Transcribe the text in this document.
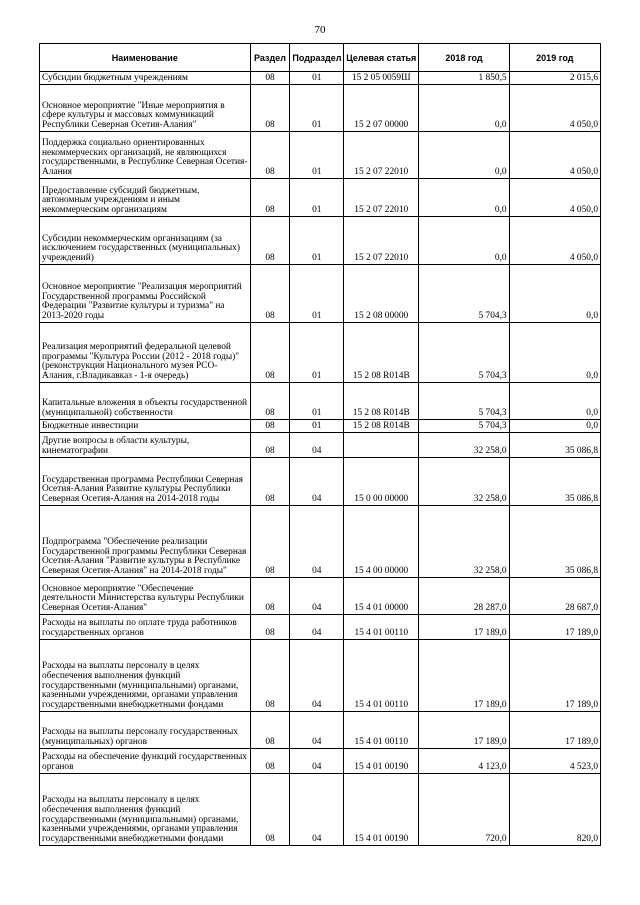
70
Наименование	Раздел	Подраздел	Целевая статья	2018 год	2019 год
Субсидии бюджетным учреждениям	08	01	15 2 05 0059Ш	1 850,5	2 015,6
Основное мероприятие "Иные мероприятия в сфере культуры и массовых коммуникаций Республики Северная Осетия-Алания"	08	01	15 2 07 00000	0,0	4 050,0
Поддержка социально ориентированных некоммерческих организаций, не являющихся государственными, в Республике Северная Осетия-Алания	08	01	15 2 07 22010	0,0	4 050,0
Предоставление субсидий бюджетным, автономным учреждениям и иным некоммерческим организациям	08	01	15 2 07 22010	0,0	4 050,0
Субсидии некоммерческим организациям (за исключением государственных (муниципальных) учреждений)	08	01	15 2 07 22010	0,0	4 050,0
Основное мероприятие "Реализация мероприятий Государственной программы Российской Федерации "Развитие культуры и туризма" на 2013-2020 годы	08	01	15 2 08 00000	5 704,3	0,0
Реализация мероприятий федеральной целевой программы "Культура России (2012 - 2018 годы)" (реконструкция Национального музея РСО-Алания, г.Владикавказ - 1-я очередь)	08	01	15 2 08 R014B	5 704,3	0,0
Капитальные вложения в объекты государственной (муниципальной) собственности	08	01	15 2 08 R014B	5 704,3	0,0
Бюджетные инвестиции	08	01	15 2 08 R014B	5 704,3	0,0
Другие вопросы в области культуры, кинематографии	08	04		32 258,0	35 086,8
Государственная программа Республики Северная Осетия-Алания Развитие культуры Республики Северная Осетия-Алания на 2014-2018 годы	08	04	15 0 00 00000	32 258,0	35 086,8
Подпрограмма "Обеспечение реализации Государственной программы Республики Северная Осетия-Алания "Развитие культуры в Республике Северная Осетия-Алания" на 2014-2018 годы"	08	04	15 4 00 00000	32 258,0	35 086,8
Основное мероприятие "Обеспечение деятельности Министерства культуры Республики Северная Осетия-Алания"	08	04	15 4 01 00000	28 287,0	28 687,0
Расходы на выплаты по оплате труда работников государственных органов	08	04	15 4 01 00110	17 189,0	17 189,0
Расходы на выплаты персоналу в целях обеспечения выполнения функций государственными (муниципальными) органами, казенными учреждениями, органами управления государственными внебюджетными фондами	08	04	15 4 01 00110	17 189,0	17 189,0
Расходы на выплаты персоналу государственных (муниципальных) органов	08	04	15 4 01 00110	17 189,0	17 189,0
Расходы на обеспечение функций государственных органов	08	04	15 4 01 00190	4 123,0	4 523,0
Расходы на выплаты персоналу в целях обеспечения выполнения функций государственными (муниципальными) органами, казенными учреждениями, органами управления государственными внебюджетными фондами	08	04	15 4 01 00190	720,0	820,0
